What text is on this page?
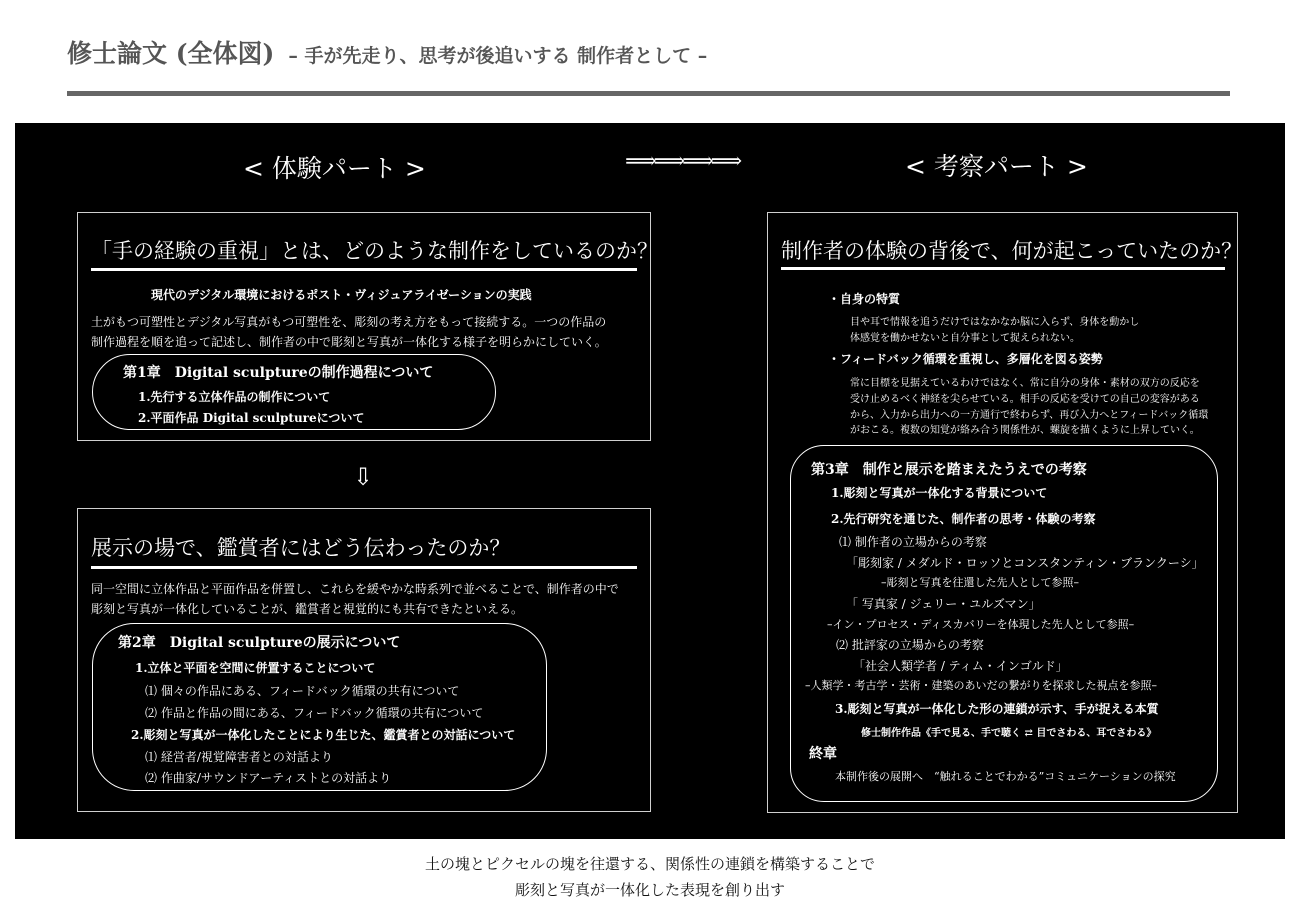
修士論文 (全体図) – 手が先走り、思考が後追いする 制作者として –
< 体験パート >	⟹⟹⟹⟹	< 考察パート >
「手の経験の重視」とは、どのような制作をしているのか？
現代のデジタル環境におけるポスト・ヴィジュアライゼーションの実践
土がもつ可塑性とデジタル写真がもつ可塑性を、彫刻の考え方をもって接続する。一つの作品の
制作過程を順を追って記述し、制作者の中で彫刻と写真が一体化する様子を明らかにしていく。
第1章　Digital sculptureの制作過程について
1.先行する立体作品の制作について
2.平面作品 Digital sculptureについて
⇩
展示の場で、鑑賞者にはどう伝わったのか？
同一空間に立体作品と平面作品を併置し、これらを緩やかな時系列で並べることで、制作者の中で
彫刻と写真が一体化していることが、鑑賞者と視覚的にも共有できたといえる。
第2章　Digital sculptureの展示について
1.立体と平面を空間に併置することについて
⑴ 個々の作品にある、フィードバック循環の共有について
⑵ 作品と作品の間にある、フィードバック循環の共有について
2.彫刻と写真が一体化したことにより生じた、鑑賞者との対話について
⑴ 経営者/視覚障害者との対話より
⑵ 作曲家/サウンドアーティストとの対話より
制作者の体験の背後で、何が起こっていたのか？
・自身の特質
目や耳で情報を追うだけではなかなか脳に入らず、身体を動かし
体感覚を働かせないと自分事として捉えられない。
・フィードバック循環を重視し、多層化を図る姿勢
常に目標を見据えているわけではなく、常に自分の身体・素材の双方の反応を
受け止めるべく神経を尖らせている。相手の反応を受けての自己の変容がある
から、入力から出力への一方通行で終わらず、再び入力へとフィードバック循環
がおこる。複数の知覚が絡み合う関係性が、螺旋を描くように上昇していく。
第3章　制作と展示を踏まえたうえでの考察
1.彫刻と写真が一体化する背景について
2.先行研究を通じた、制作者の思考・体験の考察
⑴ 制作者の立場からの考察
「彫刻家 / メダルド・ロッソとコンスタンティン・ブランクーシ」
–彫刻と写真を往還した先人として参照–
「 写真家 / ジェリー・ユルズマン」
–イン・プロセス・ディスカバリーを体現した先人として参照–
⑵ 批評家の立場からの考察
「社会人類学者 / ティム・インゴルド」
–人類学・考古学・芸術・建築のあいだの繋がりを探求した視点を参照–
3.彫刻と写真が一体化した形の連鎖が示す、手が捉える本質
修士制作作品《手で見る、手で聴く ⇄ 目でさわる、耳でさわる》
終章
本制作後の展開へ　“触れることでわかる”コミュニケーションの探究
土の塊とピクセルの塊を往還する、関係性の連鎖を構築することで
彫刻と写真が一体化した表現を創り出す
